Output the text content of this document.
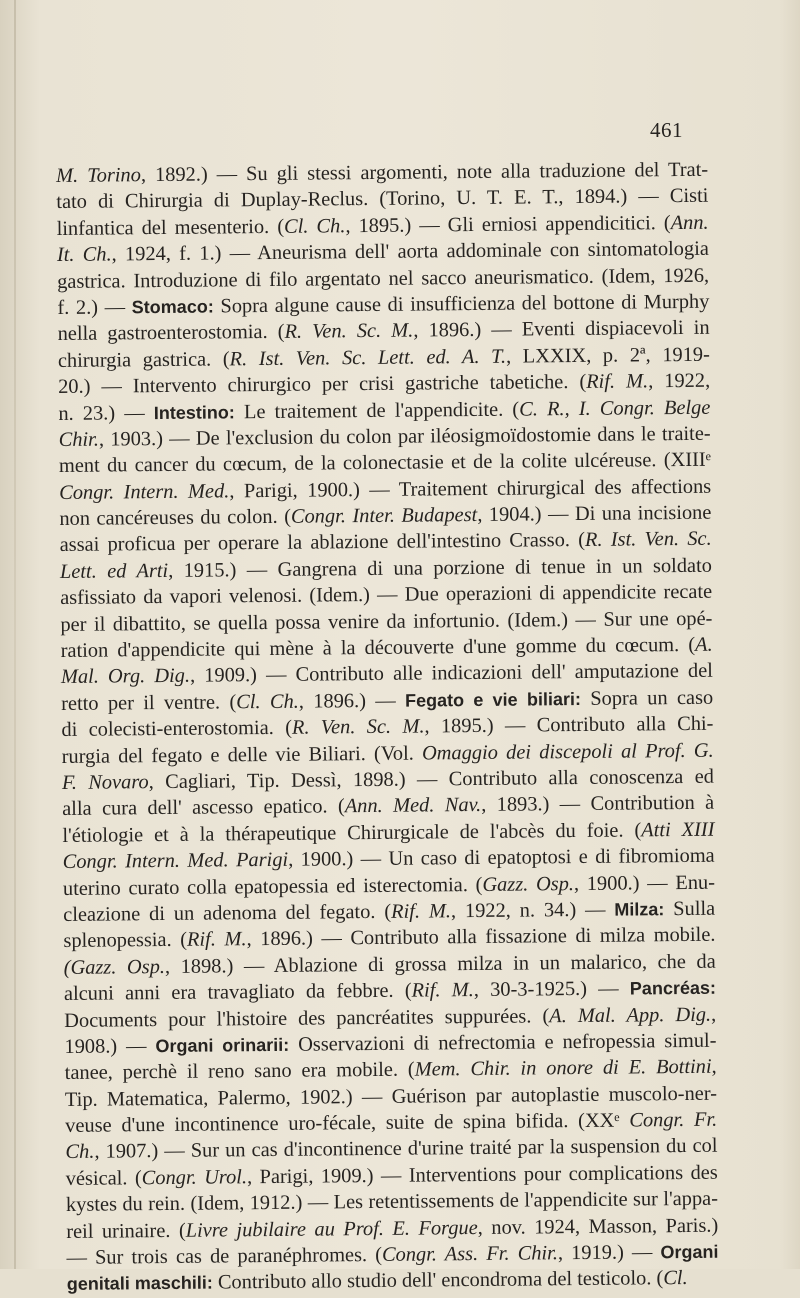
461
M. Torino, 1892.) — Su gli stessi argomenti, note alla traduzione del Trat-
tato di Chirurgia di Duplay-Reclus. (Torino, U. T. E. T., 1894.) — Cisti
linfantica del mesenterio. (Cl. Ch., 1895.) — Gli erniosi appendicitici. (Ann.
It. Ch., 1924, f. 1.) — Aneurisma dell' aorta addominale con sintomatologia
gastrica. Introduzione di filo argentato nel sacco aneurismatico. (Idem, 1926,
f. 2.) — Stomaco: Sopra algune cause di insufficienza del bottone di Murphy
nella gastroenterostomia. (R. Ven. Sc. M., 1896.) — Eventi dispiacevoli in
chirurgia gastrica. (R. Ist. Ven. Sc. Lett. ed. A. T., LXXIX, p. 2ª, 1919-
20.) — Intervento chirurgico per crisi gastriche tabetiche. (Rif. M., 1922,
n. 23.) — Intestino: Le traitement de l'appendicite. (C. R., I. Congr. Belge
Chir., 1903.) — De l'exclusion du colon par iléosigmoïdostomie dans le traite-
ment du cancer du cœcum, de la colonectasie et de la colite ulcéreuse. (XIIIᵉ
Congr. Intern. Med., Parigi, 1900.) — Traitement chirurgical des affections
non cancéreuses du colon. (Congr. Inter. Budapest, 1904.) — Di una incisione
assai proficua per operare la ablazione dell'intestino Crasso. (R. Ist. Ven. Sc.
Lett. ed Arti, 1915.) — Gangrena di una porzione di tenue in un soldato
asfissiato da vapori velenosi. (Idem.) — Due operazioni di appendicite recate
per il dibattito, se quella possa venire da infortunio. (Idem.) — Sur une opé-
ration d'appendicite qui mène à la découverte d'une gomme du cœcum. (A.
Mal. Org. Dig., 1909.) — Contributo alle indicazioni dell' amputazione del
retto per il ventre. (Cl. Ch., 1896.) — Fegato e vie biliari: Sopra un caso
di colecisti-enterostomia. (R. Ven. Sc. M., 1895.) — Contributo alla Chi-
rurgia del fegato e delle vie Biliari. (Vol. Omaggio dei discepoli al Prof. G.
F. Novaro, Cagliari, Tip. Dessì, 1898.) — Contributo alla conoscenza ed
alla cura dell' ascesso epatico. (Ann. Med. Nav., 1893.) — Contribution à
l'étiologie et à la thérapeutique Chirurgicale de l'abcès du foie. (Atti XIII
Congr. Intern. Med. Parigi, 1900.) — Un caso di epatoptosi e di fibromioma
uterino curato colla epatopessia ed isterectomia. (Gazz. Osp., 1900.) — Enu-
cleazione di un adenoma del fegato. (Rif. M., 1922, n. 34.) — Milza: Sulla
splenopessia. (Rif. M., 1896.) — Contributo alla fissazione di milza mobile.
(Gazz. Osp., 1898.) — Ablazione di grossa milza in un malarico, che da
alcuni anni era travagliato da febbre. (Rif. M., 30-3-1925.) — Pancréas:
Documents pour l'histoire des pancréatites suppurées. (A. Mal. App. Dig.,
1908.) — Organi orinarii: Osservazioni di nefrectomia e nefropessia simul-
tanee, perchè il reno sano era mobile. (Mem. Chir. in onore di E. Bottini,
Tip. Matematica, Palermo, 1902.) — Guérison par autoplastie muscolo-ner-
veuse d'une incontinence uro-fécale, suite de spina bifida. (XXᵉ Congr. Fr.
Ch., 1907.) — Sur un cas d'incontinence d'urine traité par la suspension du col
vésical. (Congr. Urol., Parigi, 1909.) — Interventions pour complications des
kystes du rein. (Idem, 1912.) — Les retentissements de l'appendicite sur l'appa-
reil urinaire. (Livre jubilaire au Prof. E. Forgue, nov. 1924, Masson, Paris.)
— Sur trois cas de paranéphromes. (Congr. Ass. Fr. Chir., 1919.) — Organi
genitali maschili: Contributo allo studio dell' encondroma del testicolo. (Cl.
